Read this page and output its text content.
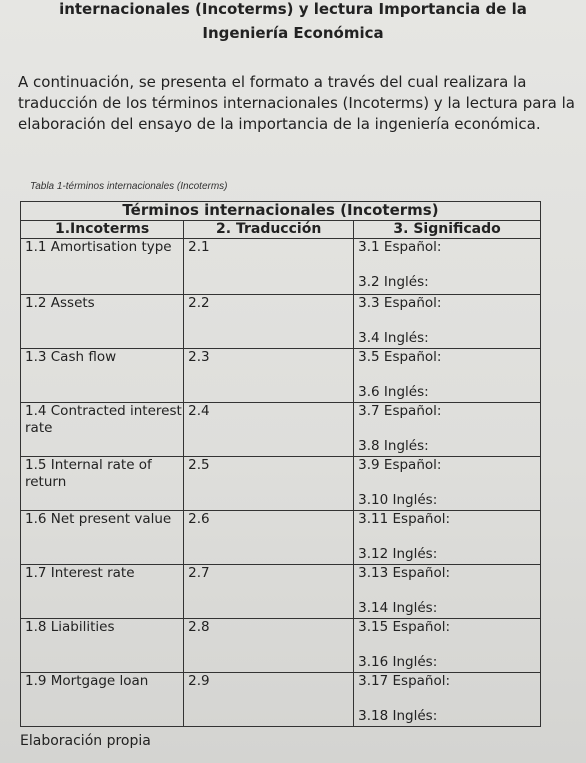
internacionales (Incoterms) y lectura Importancia de la
Ingeniería Económica
A continuación, se presenta el formato a través del cual realizara la traducción de los términos internacionales (Incoterms) y la lectura para la elaboración del ensayo de la importancia de la ingeniería económica.
Tabla 1-términos internacionales (Incoterms)
Términos internacionales (Incoterms)		
1.Incoterms	2. Traducción	3. Significado
1.1 Amortisation type	2.1	3.1 Español:
3.2 Inglés:

1.2 Assets	2.2	3.3 Español:
3.4 Inglés:

1.3 Cash flow	2.3	3.5 Español:
3.6 Inglés:

1.4 Contracted interest rate	2.4	3.7 Español:
3.8 Inglés:

1.5 Internal rate of return	2.5	3.9 Español:
3.10 Inglés:

1.6 Net present value	2.6	3.11 Español:
3.12 Inglés:

1.7 Interest rate	2.7	3.13 Español:
3.14 Inglés:

1.8 Liabilities	2.8	3.15 Español:
3.16 Inglés:

1.9 Mortgage loan	2.9	3.17 Español:
3.18 Inglés:
Elaboración propia
